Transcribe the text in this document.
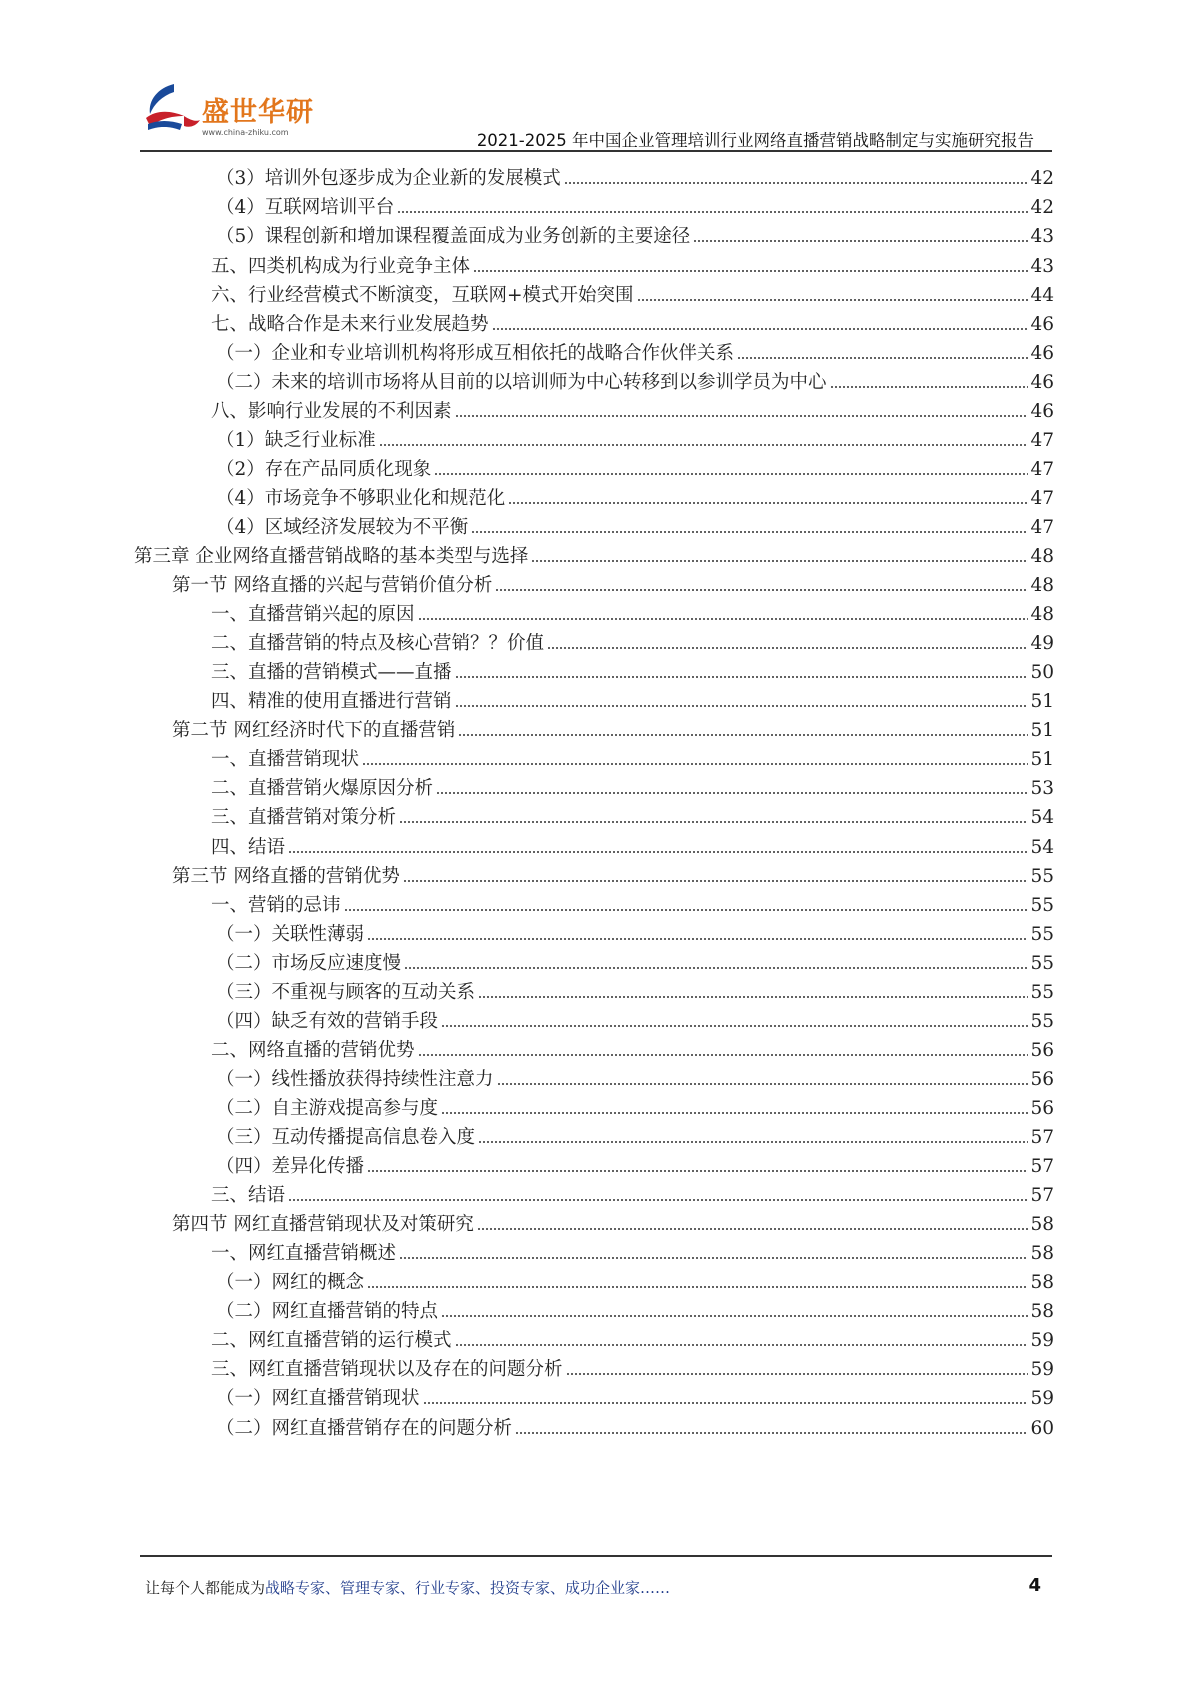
盛世华研
www.china-zhiku.com	2021-2025 年中国企业管理培训行业网络直播营销战略制定与实施研究报告
（3）培训外包逐步成为企业新的发展模式	42
（4）互联网培训平台	42
（5）课程创新和增加课程覆盖面成为业务创新的主要途径	43
五、四类机构成为行业竞争主体	43
六、行业经营模式不断演变，互联网+模式开始突围	44
七、战略合作是未来行业发展趋势	46
（一）企业和专业培训机构将形成互相依托的战略合作伙伴关系	46
（二）未来的培训市场将从目前的以培训师为中心转移到以参训学员为中心	46
八、影响行业发展的不利因素	46
（1）缺乏行业标准	47
（2）存在产品同质化现象	47
（4）市场竞争不够职业化和规范化	47
（4）区域经济发展较为不平衡	47
第三章 企业网络直播营销战略的基本类型与选择	48
第一节 网络直播的兴起与营销价值分析	48
一、直播营销兴起的原因	48
二、直播营销的特点及核心营销？？价值	49
三、直播的营销模式——直播	50
四、精准的使用直播进行营销	51
第二节 网红经济时代下的直播营销	51
一、直播营销现状	51
二、直播营销火爆原因分析	53
三、直播营销对策分析	54
四、结语	54
第三节 网络直播的营销优势	55
一、营销的忌讳	55
（一）关联性薄弱	55
（二）市场反应速度慢	55
（三）不重视与顾客的互动关系	55
（四）缺乏有效的营销手段	55
二、网络直播的营销优势	56
（一）线性播放获得持续性注意力	56
（二）自主游戏提高参与度	56
（三）互动传播提高信息卷入度	57
（四）差异化传播	57
三、结语	57
第四节 网红直播营销现状及对策研究	58
一、网红直播营销概述	58
（一）网红的概念	58
（二）网红直播营销的特点	58
二、网红直播营销的运行模式	59
三、网红直播营销现状以及存在的问题分析	59
（一）网红直播营销现状	59
（二）网红直播营销存在的问题分析	60
让每个人都能成为战略专家、管理专家、行业专家、投资专家、成功企业家……	4
